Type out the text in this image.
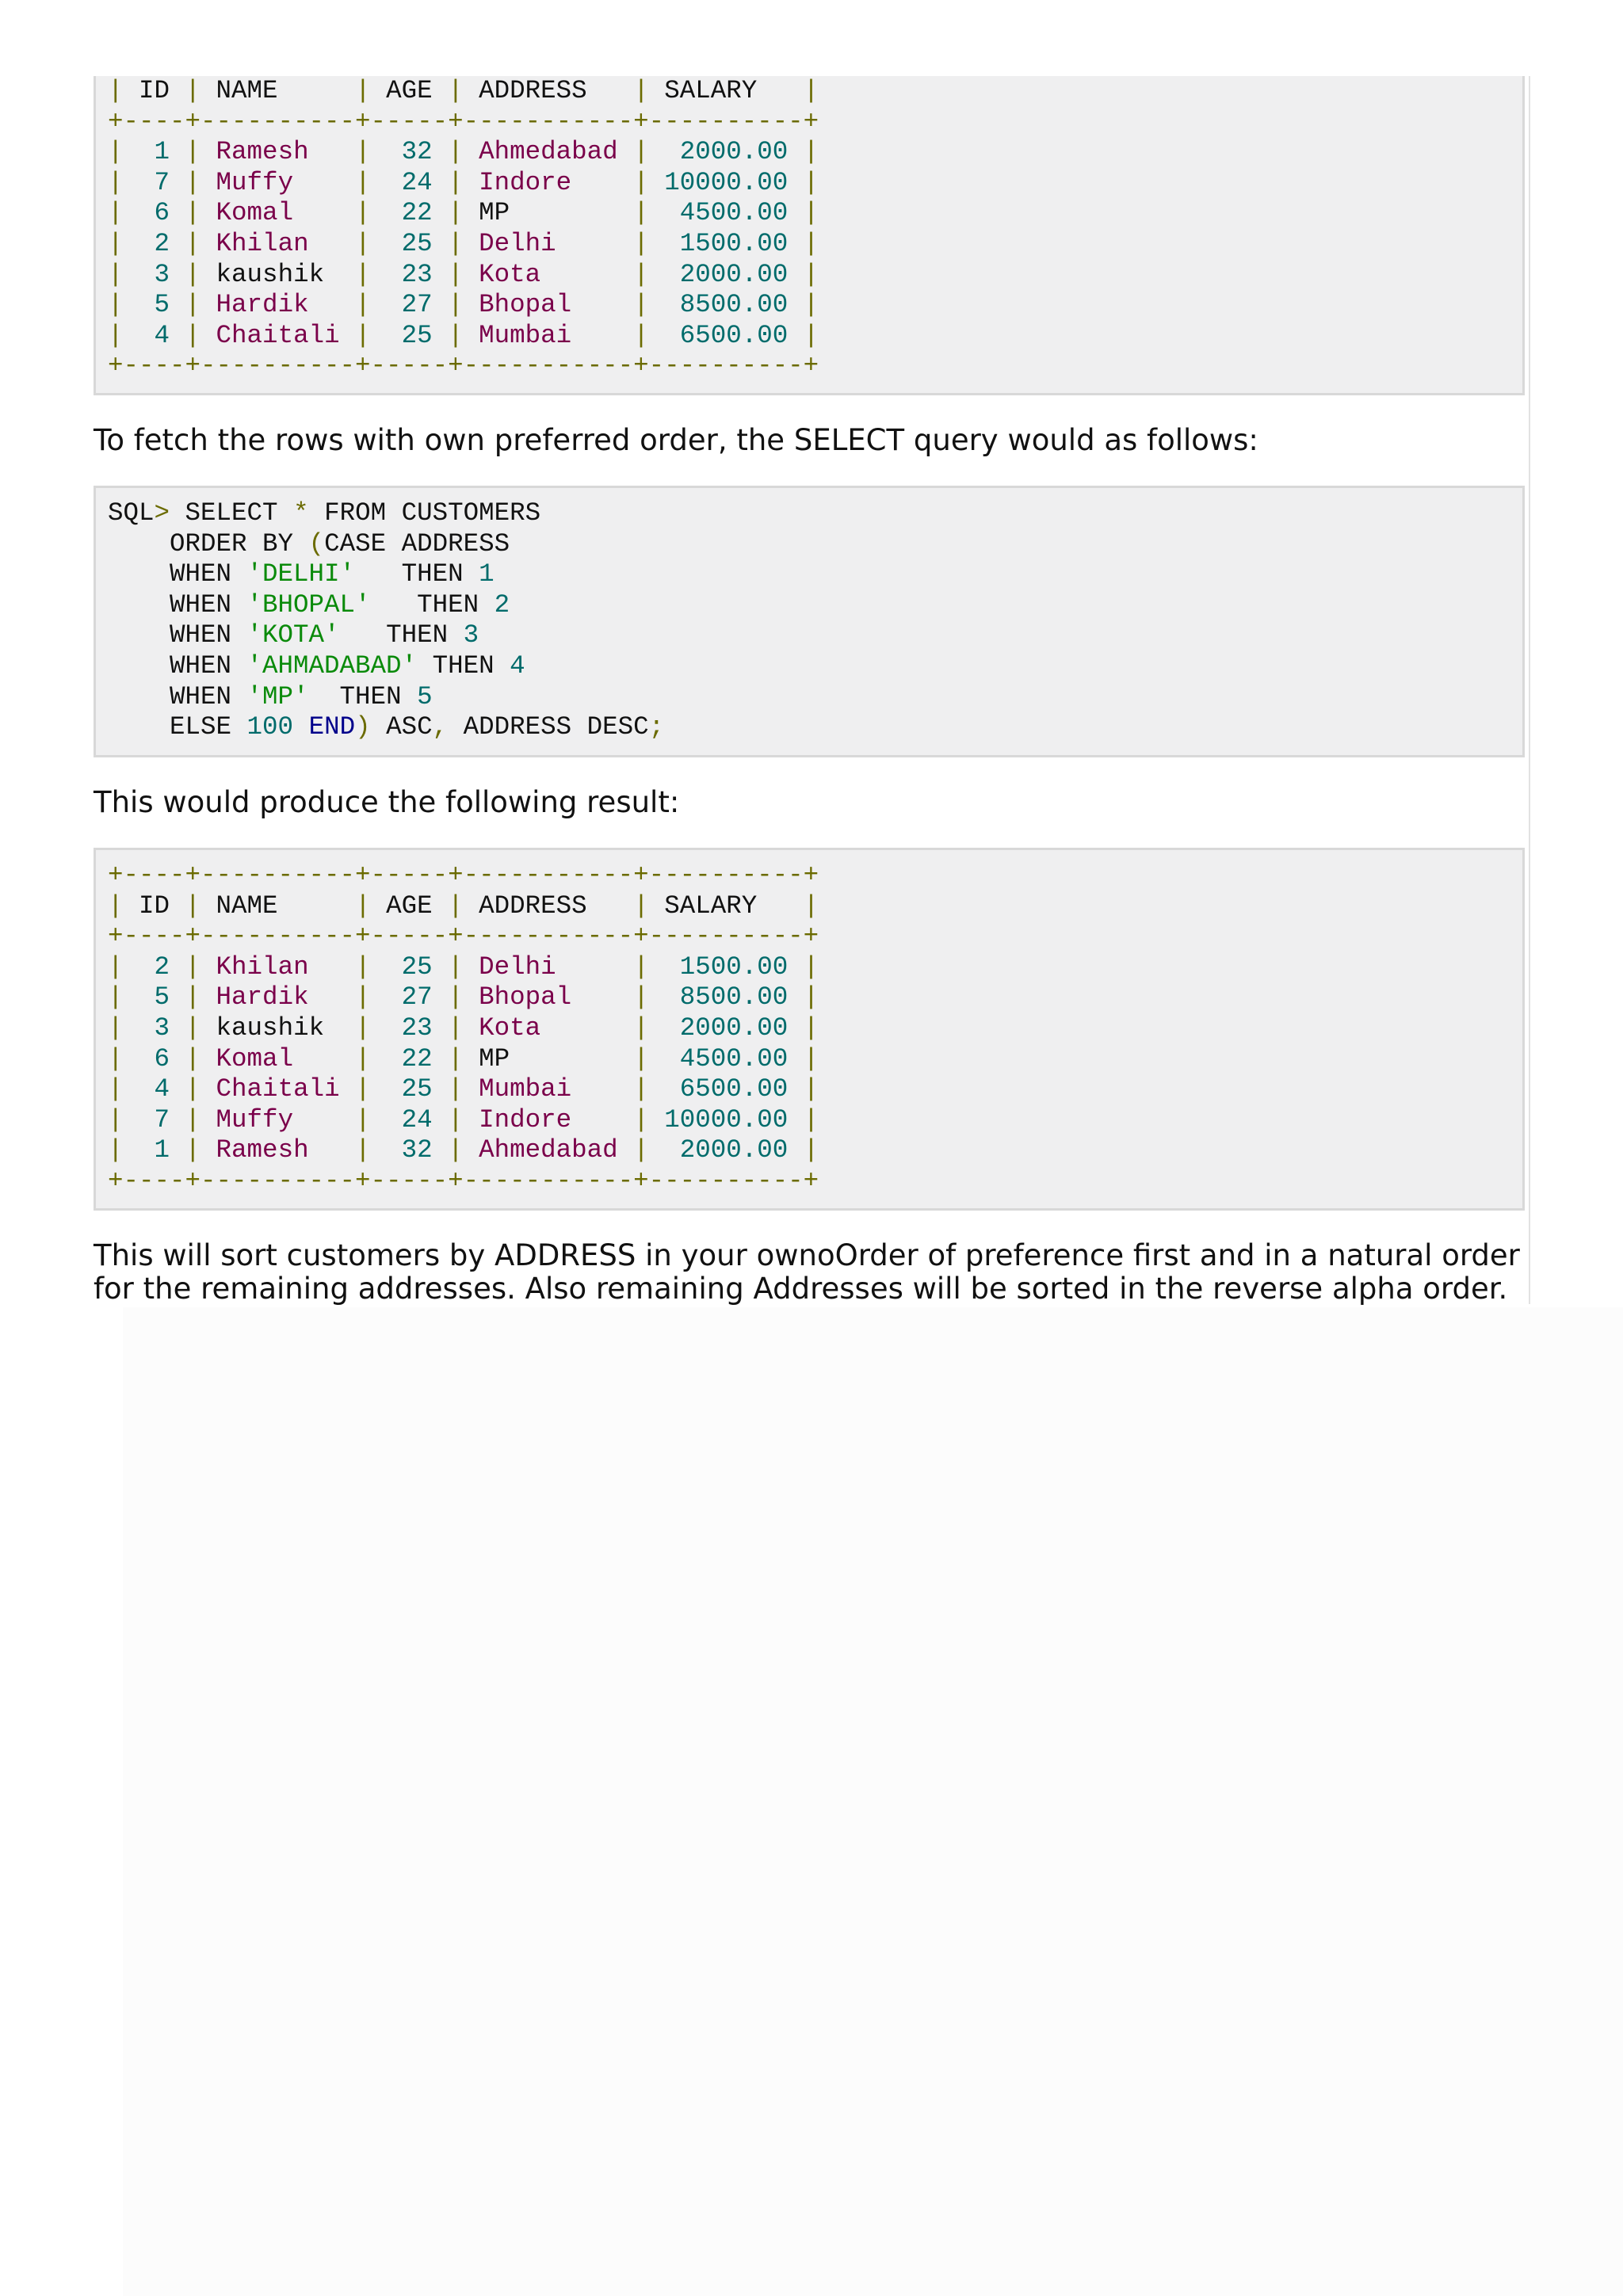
| ID | NAME     | AGE | ADDRESS   | SALARY   |
+----+----------+-----+-----------+----------+
|  1 | Ramesh   |  32 | Ahmedabad |  2000.00 |
|  7 | Muffy    |  24 | Indore    | 10000.00 |
|  6 | Komal    |  22 | MP        |  4500.00 |
|  2 | Khilan   |  25 | Delhi     |  1500.00 |
|  3 | kaushik  |  23 | Kota      |  2000.00 |
|  5 | Hardik   |  27 | Bhopal    |  8500.00 |
|  4 | Chaitali |  25 | Mumbai    |  6500.00 |
+----+----------+-----+-----------+----------+

To fetch the rows with own preferred order, the SELECT query would as follows:

SQL> SELECT * FROM CUSTOMERS
ORDER BY (CASE ADDRESS
WHEN 'DELHI'   THEN 1
WHEN 'BHOPAL'   THEN 2
WHEN 'KOTA'   THEN 3
WHEN 'AHMADABAD' THEN 4
WHEN 'MP'  THEN 5
ELSE 100 END) ASC, ADDRESS DESC;

This would produce the following result:

+----+----------+-----+-----------+----------+
| ID | NAME     | AGE | ADDRESS   | SALARY   |
+----+----------+-----+-----------+----------+
|  2 | Khilan   |  25 | Delhi     |  1500.00 |
|  5 | Hardik   |  27 | Bhopal    |  8500.00 |
|  3 | kaushik  |  23 | Kota      |  2000.00 |
|  6 | Komal    |  22 | MP        |  4500.00 |
|  4 | Chaitali |  25 | Mumbai    |  6500.00 |
|  7 | Muffy    |  24 | Indore    | 10000.00 |
|  1 | Ramesh   |  32 | Ahmedabad |  2000.00 |
+----+----------+-----+-----------+----------+

This will sort customers by ADDRESS in your ownoOrder of preference first and in a natural order for the remaining addresses. Also remaining Addresses will be sorted in the reverse alpha order.
